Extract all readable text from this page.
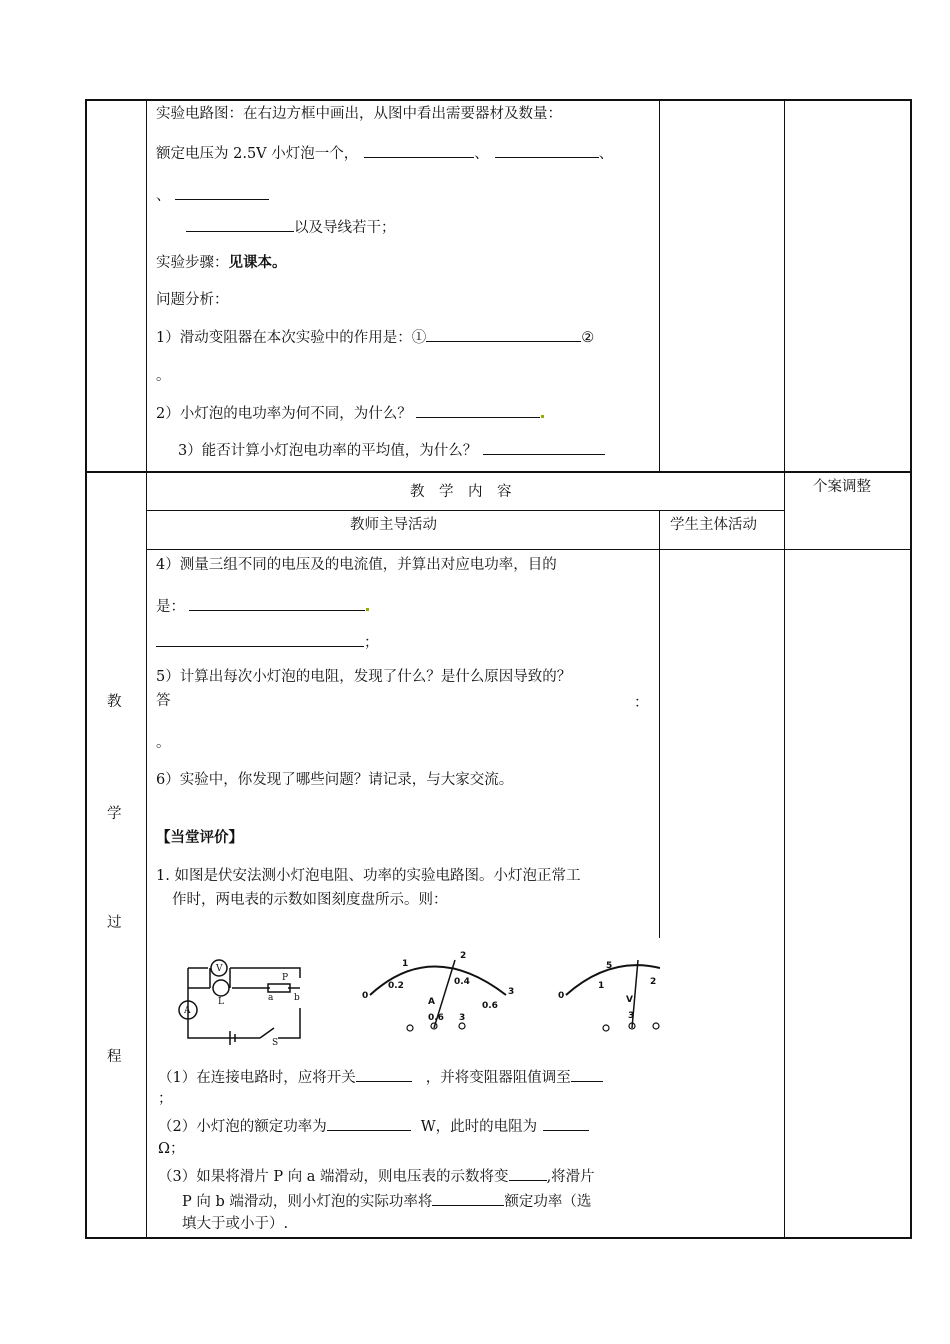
实验电路图：在右边方框中画出，从图中看出需要器材及数量：
额定电压为 2.5V 小灯泡一个，	、	、
、
以及导线若干；
实验步骤：见课本。
问题分析：
1）滑动变阻器在本次实验中的作用是：①	②
。
2）小灯泡的电功率为何不同，为什么？
3）能否计算小灯泡电功率的平均值，为什么？
教　学　内　容	个案调整
教师主导活动	学生主体活动
教
学
过
程
4）测量三组不同的电压及的电流值，并算出对应电功率，目的
是：
；
5）计算出每次小灯泡的电阻，发现了什么？是什么原因导致的？
答	：
。
6）实验中，你发现了哪些问题？请记录，与大家交流。
【当堂评价】
1. 如图是伏安法测小灯泡电阻、功率的实验电路图。小灯泡正常工
作时，两电表的示数如图刻度盘所示。则：
V
L
A
P
a b
S
0
1
2
3
0.2	0.4
0.6
A
0.6 3
0
5
1	2
V
3
（1）在连接电路时，应将开关	，并将变阻器阻值调至
；
（2）小灯泡的额定功率为	W，此时的电阻为
Ω；
（3）如果将滑片 P 向 a 端滑动，则电压表的示数将变	,将滑片
P 向 b 端滑动，则小灯泡的实际功率将	额定功率（选
填大于或小于）.
